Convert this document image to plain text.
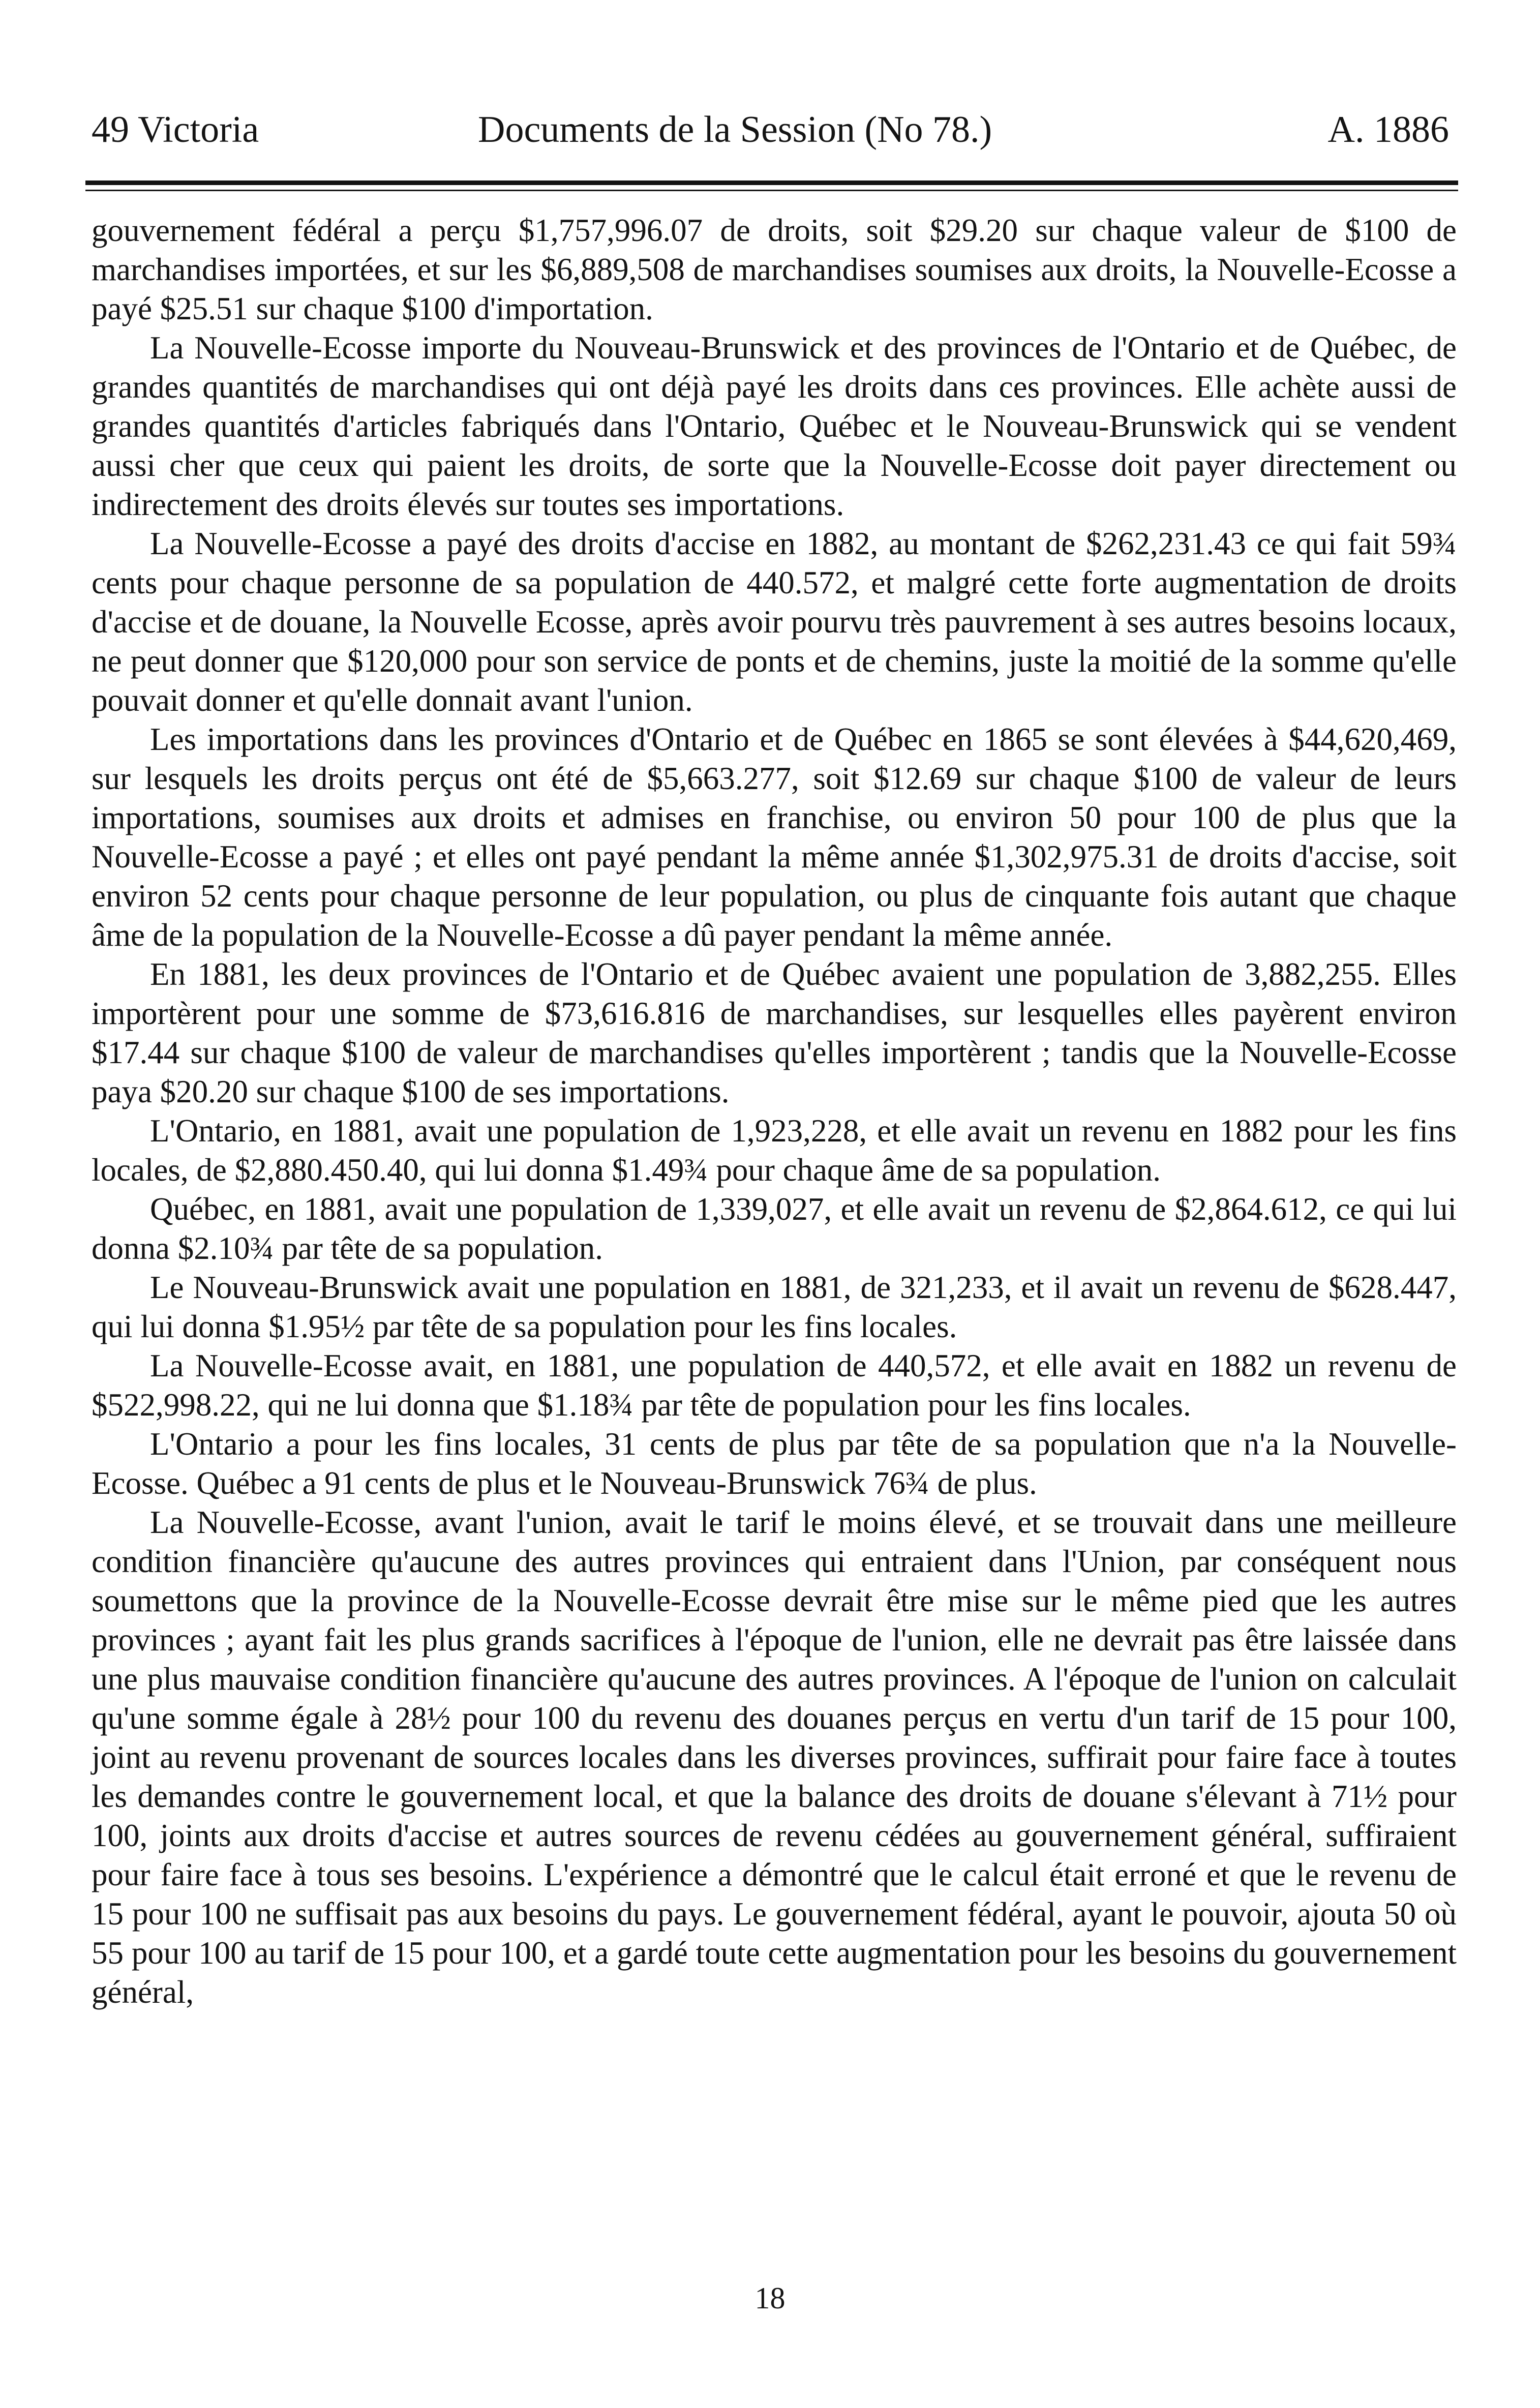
49 Victoria	Documents de la Session (No 78.)	A. 1886

gouvernement fédéral a perçu $1,757,996.07 de droits, soit $29.20 sur chaque valeur de $100 de marchandises importées, et sur les $6,889,508 de marchandises soumises aux droits, la Nouvelle-Ecosse a payé $25.51 sur chaque $100 d'importation.

La Nouvelle-Ecosse importe du Nouveau-Brunswick et des provinces de l'Ontario et de Québec, de grandes quantités de marchandises qui ont déjà payé les droits dans ces provinces. Elle achète aussi de grandes quantités d'articles fabriqués dans l'Ontario, Québec et le Nouveau-Brunswick qui se vendent aussi cher que ceux qui paient les droits, de sorte que la Nouvelle-Ecosse doit payer directement ou indirectement des droits élevés sur toutes ses importations.

La Nouvelle-Ecosse a payé des droits d'accise en 1882, au montant de $262,231.43 ce qui fait 59¾ cents pour chaque personne de sa population de 440.572, et malgré cette forte augmentation de droits d'accise et de douane, la Nouvelle Ecosse, après avoir pourvu très pauvrement à ses autres besoins locaux, ne peut donner que $120,000 pour son service de ponts et de chemins, juste la moitié de la somme qu'elle pouvait donner et qu'elle donnait avant l'union.

Les importations dans les provinces d'Ontario et de Québec en 1865 se sont élevées à $44,620,469, sur lesquels les droits perçus ont été de $5,663.277, soit $12.69 sur chaque $100 de valeur de leurs importations, soumises aux droits et admises en franchise, ou environ 50 pour 100 de plus que la Nouvelle-Ecosse a payé ; et elles ont payé pendant la même année $1,302,975.31 de droits d'accise, soit environ 52 cents pour chaque personne de leur population, ou plus de cinquante fois autant que chaque âme de la population de la Nouvelle-Ecosse a dû payer pendant la même année.

En 1881, les deux provinces de l'Ontario et de Québec avaient une population de 3,882,255. Elles importèrent pour une somme de $73,616.816 de marchandises, sur lesquelles elles payèrent environ $17.44 sur chaque $100 de valeur de marchandises qu'elles importèrent ; tandis que la Nouvelle-Ecosse paya $20.20 sur chaque $100 de ses importations.

L'Ontario, en 1881, avait une population de 1,923,228, et elle avait un revenu en 1882 pour les fins locales, de $2,880.450.40, qui lui donna $1.49¾ pour chaque âme de sa population.

Québec, en 1881, avait une population de 1,339,027, et elle avait un revenu de $2,864.612, ce qui lui donna $2.10¾ par tête de sa population.

Le Nouveau-Brunswick avait une population en 1881, de 321,233, et il avait un revenu de $628.447, qui lui donna $1.95½ par tête de sa population pour les fins locales.

La Nouvelle-Ecosse avait, en 1881, une population de 440,572, et elle avait en 1882 un revenu de $522,998.22, qui ne lui donna que $1.18¾ par tête de population pour les fins locales.

L'Ontario a pour les fins locales, 31 cents de plus par tête de sa population que n'a la Nouvelle-Ecosse. Québec a 91 cents de plus et le Nouveau-Brunswick 76¾ de plus.

La Nouvelle-Ecosse, avant l'union, avait le tarif le moins élevé, et se trouvait dans une meilleure condition financière qu'aucune des autres provinces qui entraient dans l'Union, par conséquent nous soumettons que la province de la Nouvelle-Ecosse devrait être mise sur le même pied que les autres provinces ; ayant fait les plus grands sacrifices à l'époque de l'union, elle ne devrait pas être laissée dans une plus mauvaise condition financière qu'aucune des autres provinces. A l'époque de l'union on calculait qu'une somme égale à 28½ pour 100 du revenu des douanes perçus en vertu d'un tarif de 15 pour 100, joint au revenu provenant de sources locales dans les diverses provinces, suffirait pour faire face à toutes les demandes contre le gouvernement local, et que la balance des droits de douane s'élevant à 71½ pour 100, joints aux droits d'accise et autres sources de revenu cédées au gouvernement général, suffiraient pour faire face à tous ses besoins. L'expérience a démontré que le calcul était erroné et que le revenu de 15 pour 100 ne suffisait pas aux besoins du pays. Le gouvernement fédéral, ayant le pouvoir, ajouta 50 où 55 pour 100 au tarif de 15 pour 100, et a gardé toute cette augmentation pour les besoins du gouvernement général,

18
